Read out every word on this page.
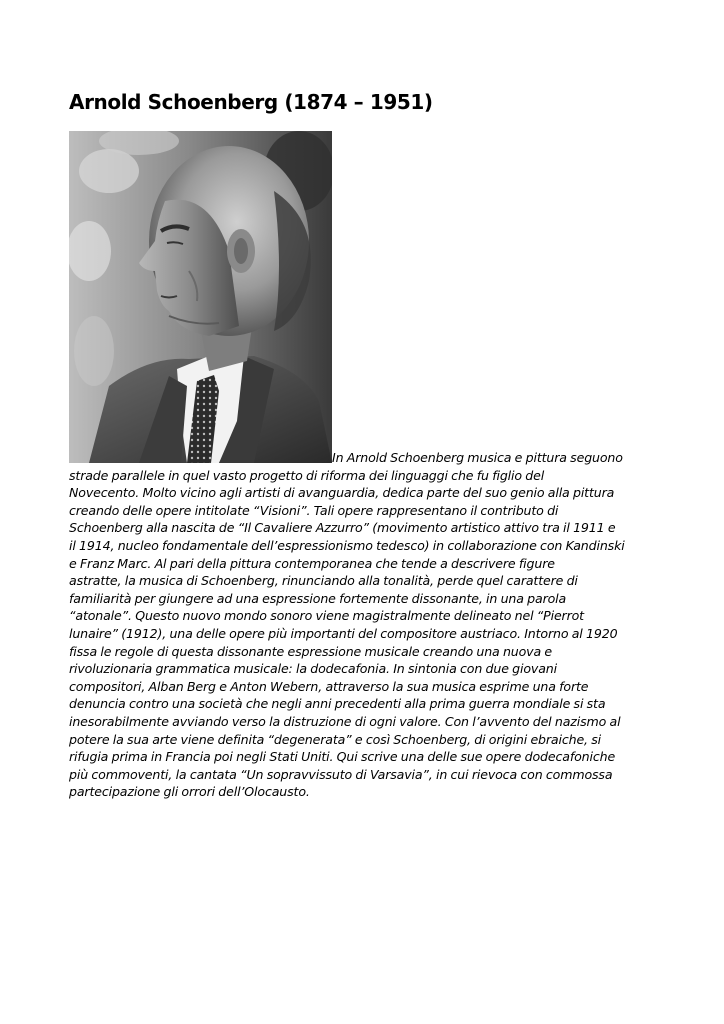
Arnold Schoenberg (1874 – 1951)
In Arnold Schoenberg musica e pittura seguono
strade parallele in quel vasto progetto di riforma dei linguaggi che fu figlio del
Novecento. Molto vicino agli artisti di avanguardia, dedica parte del suo genio alla pittura
creando delle opere intitolate “Visioni”. Tali opere rappresentano il contributo di
Schoenberg alla nascita de “Il Cavaliere Azzurro” (movimento artistico attivo tra il 1911 e
il 1914, nucleo fondamentale dell’espressionismo tedesco) in collaborazione con Kandinski
e Franz Marc. Al pari della pittura contemporanea che tende a descrivere figure
astratte, la musica di Schoenberg, rinunciando alla tonalità, perde quel carattere di
familiarità per giungere ad una espressione fortemente dissonante, in una parola
“atonale”. Questo nuovo mondo sonoro viene magistralmente delineato nel “Pierrot
lunaire” (1912), una delle opere più importanti del compositore austriaco. Intorno al 1920
fissa le regole di questa dissonante espressione musicale creando una nuova e
rivoluzionaria grammatica musicale: la dodecafonia. In sintonia con due giovani
compositori, Alban Berg e Anton Webern, attraverso la sua musica esprime una forte
denuncia contro una società che negli anni precedenti alla prima guerra mondiale si sta
inesorabilmente avviando verso la distruzione di ogni valore. Con l’avvento del nazismo al
potere la sua arte viene definita “degenerata” e così Schoenberg, di origini ebraiche, si
rifugia prima in Francia poi negli Stati Uniti. Qui scrive una delle sue opere dodecafoniche
più commoventi, la cantata “Un sopravvissuto di Varsavia”, in cui rievoca con commossa
partecipazione gli orrori dell’Olocausto.
